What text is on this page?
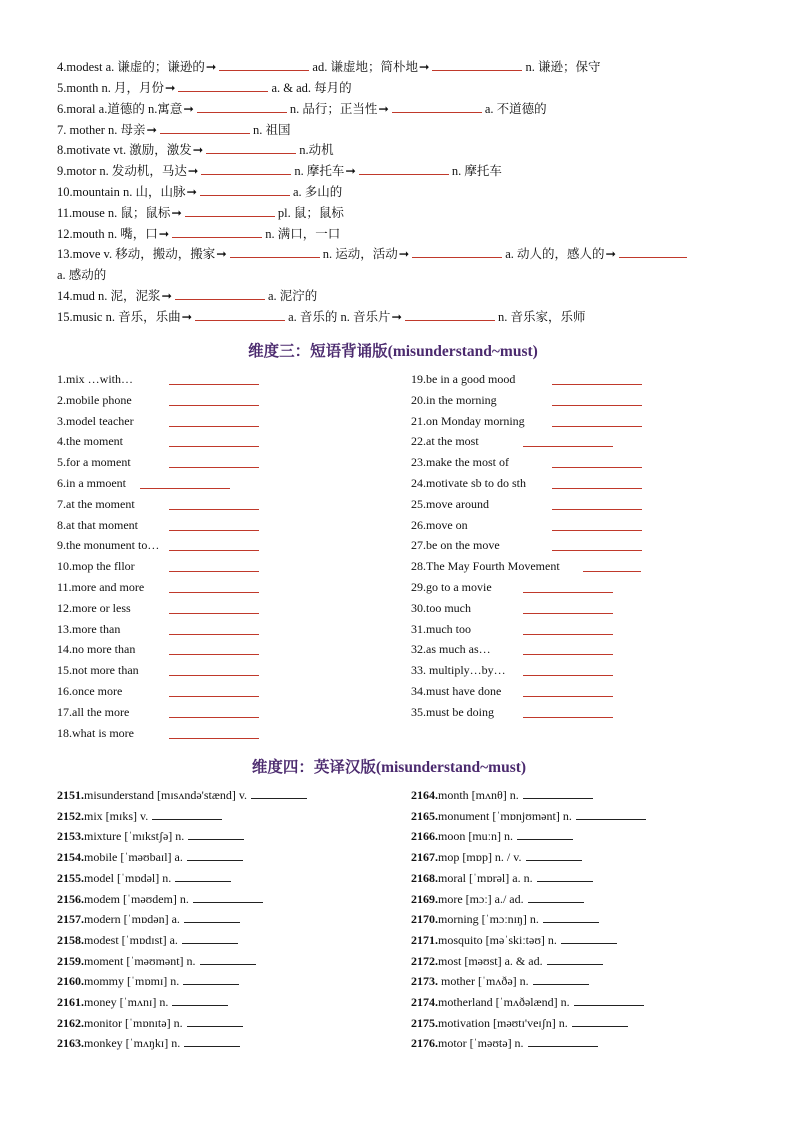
4.modest a. 谦虚的；谦逊的➞	ad. 谦虚地；简朴地➞	n. 谦逊；保守
5.month n. 月，月份➞	a. & ad. 每月的
6.moral a.道德的 n.寓意➞	n. 品行；正当性➞	a. 不道德的
7. mother n. 母亲➞	n. 祖国
8.motivate vt. 激励，激发➞	n.动机
9.motor n. 发动机，马达➞	n. 摩托车➞	n. 摩托车
10.mountain n. 山，山脉➞	a. 多山的
11.mouse n. 鼠；鼠标➞	pl. 鼠；鼠标
12.mouth n. 嘴，口➞	n. 满口，一口
13.move v. 移动，搬动，搬家➞	n. 运动，活动➞	a. 动人的，感人的➞
a. 感动的
14.mud n. 泥，泥浆➞	a. 泥泞的
15.music n. 音乐，乐曲➞	a. 音乐的 n. 音乐片➞	n. 音乐家，乐师
维度三：短语背诵版(misunderstand~must)
1.mix …with…
2.mobile phone
3.model teacher
4.the moment
5.for a moment
6.in a mmoent
7.at the moment
8.at that moment
9.the monument to…
10.mop the fllor
11.more and more
12.more or less
13.more than
14.no more than
15.not more than
16.once more
17.all the more
18.what is more
19.be in a good mood
20.in the morning
21.on Monday morning
22.at the most
23.make the most of
24.motivate sb to do sth
25.move around
26.move on
27.be on the move
28.The May Fourth Movement
29.go to a movie
30.too much
31.much too
32.as much as…
33. multiply…by…
34.must have done
35.must be doing
维度四：英译汉版(misunderstand~must)
2151.misunderstand [mɪsʌndə'stænd] v.
2152.mix [mɪks] v.
2153.mixture [ˈmɪkstʃə] n.
2154.mobile [ˈməʊbaɪl] a.
2155.model [ˈmɒdəl] n.
2156.modem [ˈməʊdem] n.
2157.modern [ˈmɒdən] a.
2158.modest [ˈmɒdɪst] a.
2159.moment [ˈməʊmənt] n.
2160.mommy [ˈmɒmɪ] n.
2161.money [ˈmʌnɪ] n.
2162.monitor [ˈmɒnɪtə] n.
2163.monkey [ˈmʌŋkɪ] n.
2164.month [mʌnθ] n.
2165.monument [ˈmɒnjʊmənt] n.
2166.moon [muːn] n.
2167.mop [mɒp] n. / v.
2168.moral [ˈmɒrəl] a. n.
2169.more [mɔː] a./ ad.
2170.morning [ˈmɔːnɪŋ] n.
2171.mosquito [məˈskiːtəʊ] n.
2172.most [məʊst] a. & ad.
2173. mother [ˈmʌðə] n.
2174.motherland [ˈmʌðəlænd] n.
2175.motivation [məʊtɪ'veɪʃn] n.
2176.motor [ˈməʊtə] n.
